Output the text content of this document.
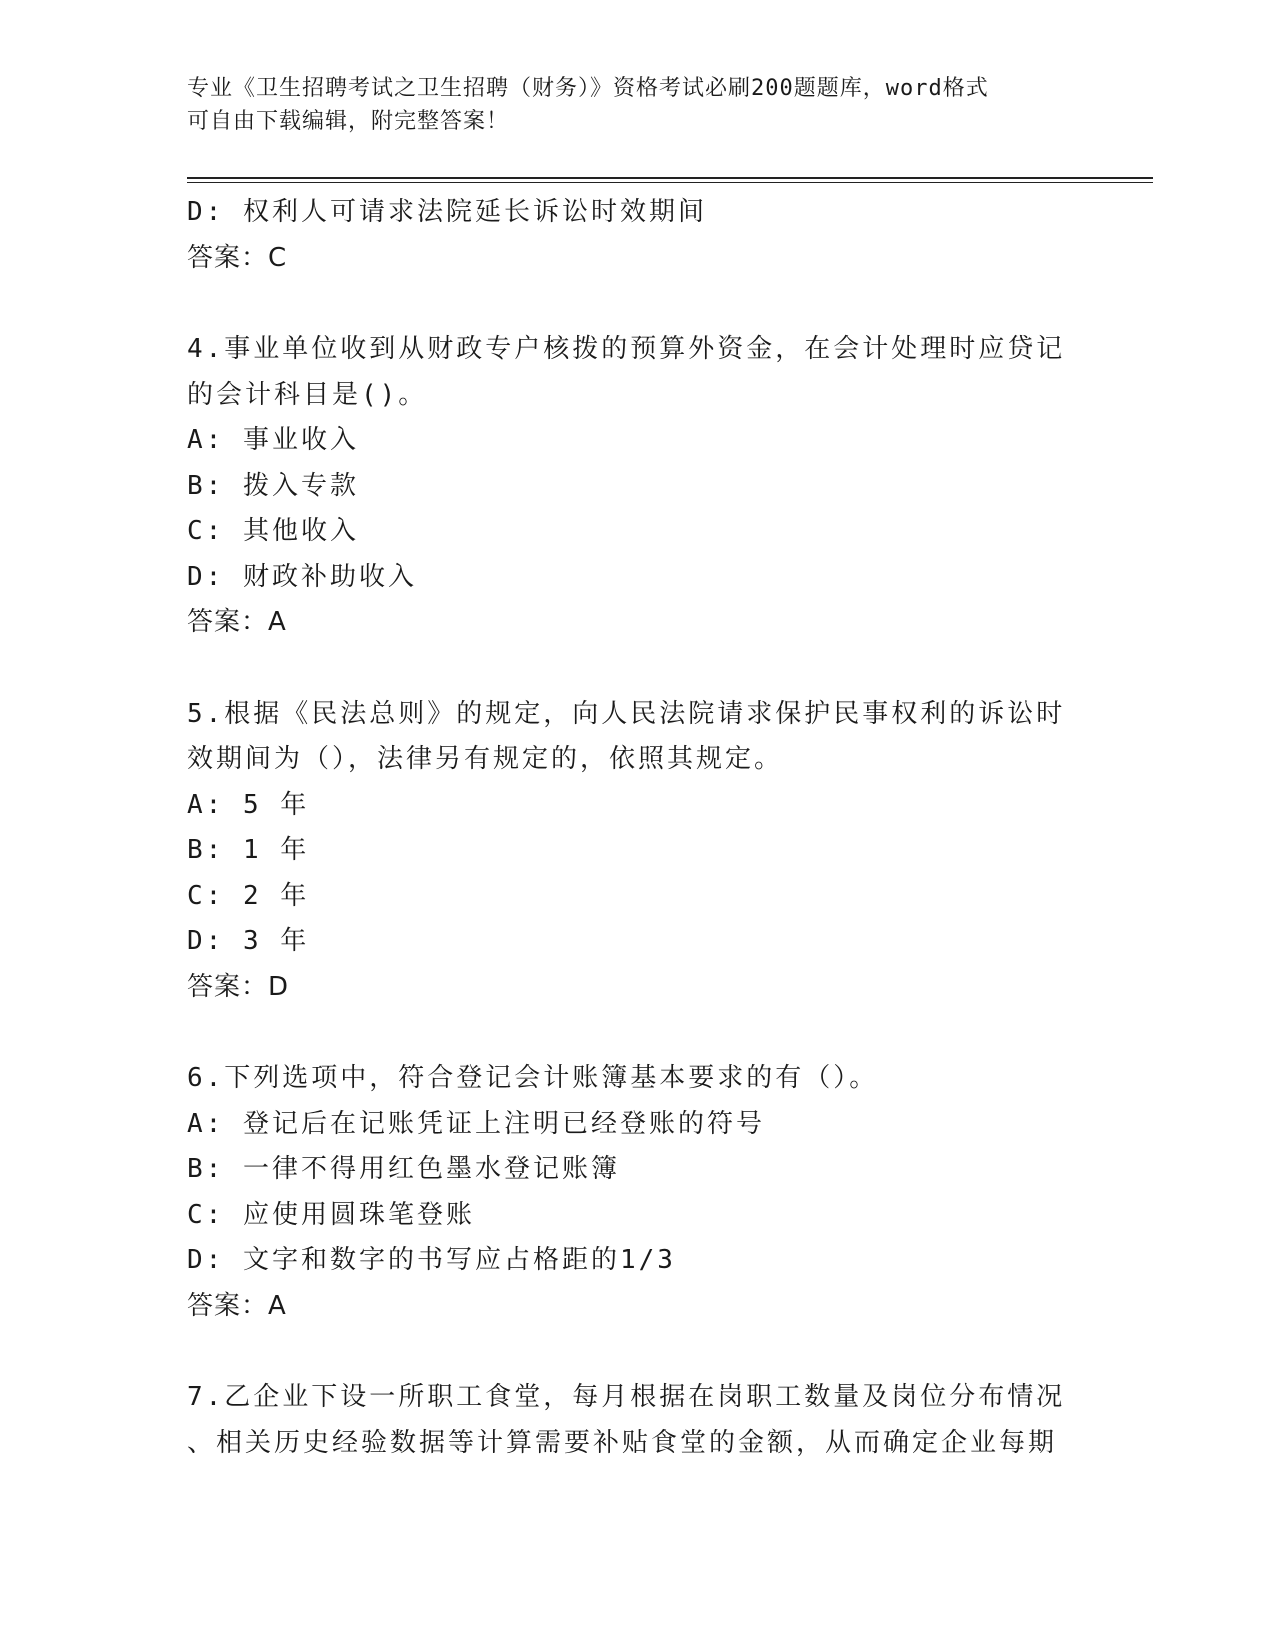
专业《卫生招聘考试之卫生招聘（财务）》资格考试必刷200题题库，word格式
可自由下载编辑，附完整答案！
D: 权利人可请求法院延长诉讼时效期间
答案：C
4.事业单位收到从财政专户核拨的预算外资金，在会计处理时应贷记
的会计科目是()。
A: 事业收入
B: 拨入专款
C: 其他收入
D: 财政补助收入
答案：A
5.根据《民法总则》的规定，向人民法院请求保护民事权利的诉讼时
效期间为（），法律另有规定的，依照其规定。
A: 5 年
B: 1 年
C: 2 年
D: 3 年
答案：D
6.下列选项中，符合登记会计账簿基本要求的有（）。
A: 登记后在记账凭证上注明已经登账的符号
B: 一律不得用红色墨水登记账簿
C: 应使用圆珠笔登账
D: 文字和数字的书写应占格距的1/3
答案：A
7.乙企业下设一所职工食堂，每月根据在岗职工数量及岗位分布情况
、相关历史经验数据等计算需要补贴食堂的金额，从而确定企业每期
